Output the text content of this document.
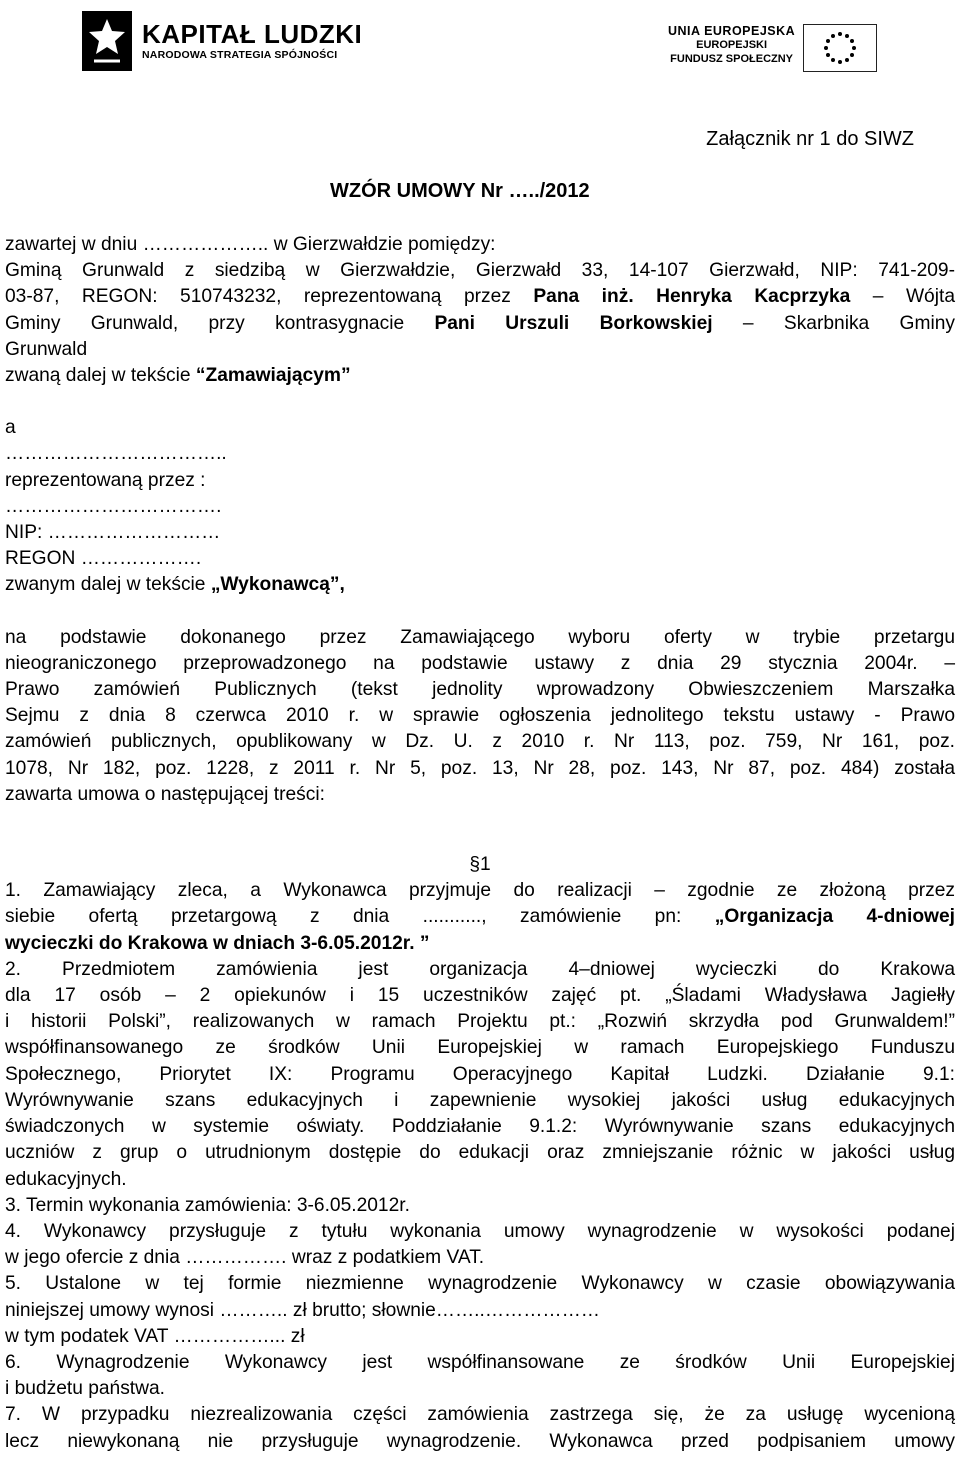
KAPITAŁ LUDZKI
NARODOWA STRATEGIA SPÓJNOŚCI
UNIA EUROPEJSKA
EUROPEJSKI
FUNDUSZ SPOŁECZNY
Załącznik nr 1 do SIWZ
WZÓR UMOWY Nr …../2012

zawartej w dniu ……………….. w Gierzwałdzie pomiędzy:

Gminą Grunwald z siedzibą w Gierzwałdzie, Gierzwałd 33, 14-107 Gierzwałd, NIP: 741-209-

03-87, REGON: 510743232, reprezentowaną przez Pana inż. Henryka Kacprzyka – Wójta

Gminy Grunwald, przy kontrasygnacie Pani Urszuli Borkowskiej – Skarbnika Gminy

Grunwald

zwaną dalej w tekście “Zamawiającym”

a

……………………………..

reprezentowaną przez :

…………………………….

NIP: ………………………

REGON ……………….

zwanym dalej w tekście „Wykonawcą”,

na podstawie dokonanego przez Zamawiającego wyboru oferty w trybie przetargu

nieograniczonego przeprowadzonego na podstawie ustawy z dnia 29 stycznia 2004r. –

Prawo zamówień Publicznych (tekst jednolity wprowadzony Obwieszczeniem Marszałka

Sejmu z dnia 8 czerwca 2010 r. w sprawie ogłoszenia jednolitego tekstu ustawy - Prawo

zamówień publicznych, opublikowany w Dz. U. z 2010 r. Nr 113, poz. 759, Nr 161, poz.

1078, Nr 182, poz. 1228, z 2011 r. Nr 5, poz. 13, Nr 28, poz. 143, Nr 87, poz. 484) została

zawarta umowa o następującej treści:

§1

1. Zamawiający zleca, a Wykonawca przyjmuje do realizacji – zgodnie ze złożoną przez

siebie ofertą przetargową z dnia ..........., zamówienie pn: „Organizacja 4-dniowej

wycieczki do Krakowa w dniach 3-6.05.2012r. ”

2. Przedmiotem zamówienia jest organizacja 4–dniowej wycieczki do Krakowa

dla 17 osób – 2 opiekunów i 15 uczestników zajęć pt. „Śladami Władysława Jagiełły

i historii Polski”, realizowanych w ramach Projektu pt.: „Rozwiń skrzydła pod Grunwaldem!”

współfinansowanego ze środków Unii Europejskiej w ramach Europejskiego Funduszu

Społecznego, Priorytet IX: Programu Operacyjnego Kapitał Ludzki. Działanie 9.1:

Wyrównywanie szans edukacyjnych i zapewnienie wysokiej jakości usług edukacyjnych

świadczonych w systemie oświaty. Poddziałanie 9.1.2: Wyrównywanie szans edukacyjnych

uczniów z grup o utrudnionym dostępie do edukacji oraz zmniejszanie różnic w jakości usług

edukacyjnych.

3. Termin wykonania zamówienia: 3-6.05.2012r.

4. Wykonawcy przysługuje z tytułu wykonania umowy wynagrodzenie w wysokości podanej

w jego ofercie z dnia ……………. wraz z podatkiem VAT.

5. Ustalone w tej formie niezmienne wynagrodzenie Wykonawcy w czasie obowiązywania

niniejszej umowy wynosi ……….. zł brutto; słownie……..………………

w tym podatek VAT ……………... zł

6. Wynagrodzenie Wykonawcy jest współfinansowane ze środków Unii Europejskiej

i budżetu państwa.

7. W przypadku niezrealizowania części zamówienia zastrzega się, że za usługę wycenioną

lecz niewykonaną nie przysługuje wynagrodzenie. Wykonawca przed podpisaniem umowy
